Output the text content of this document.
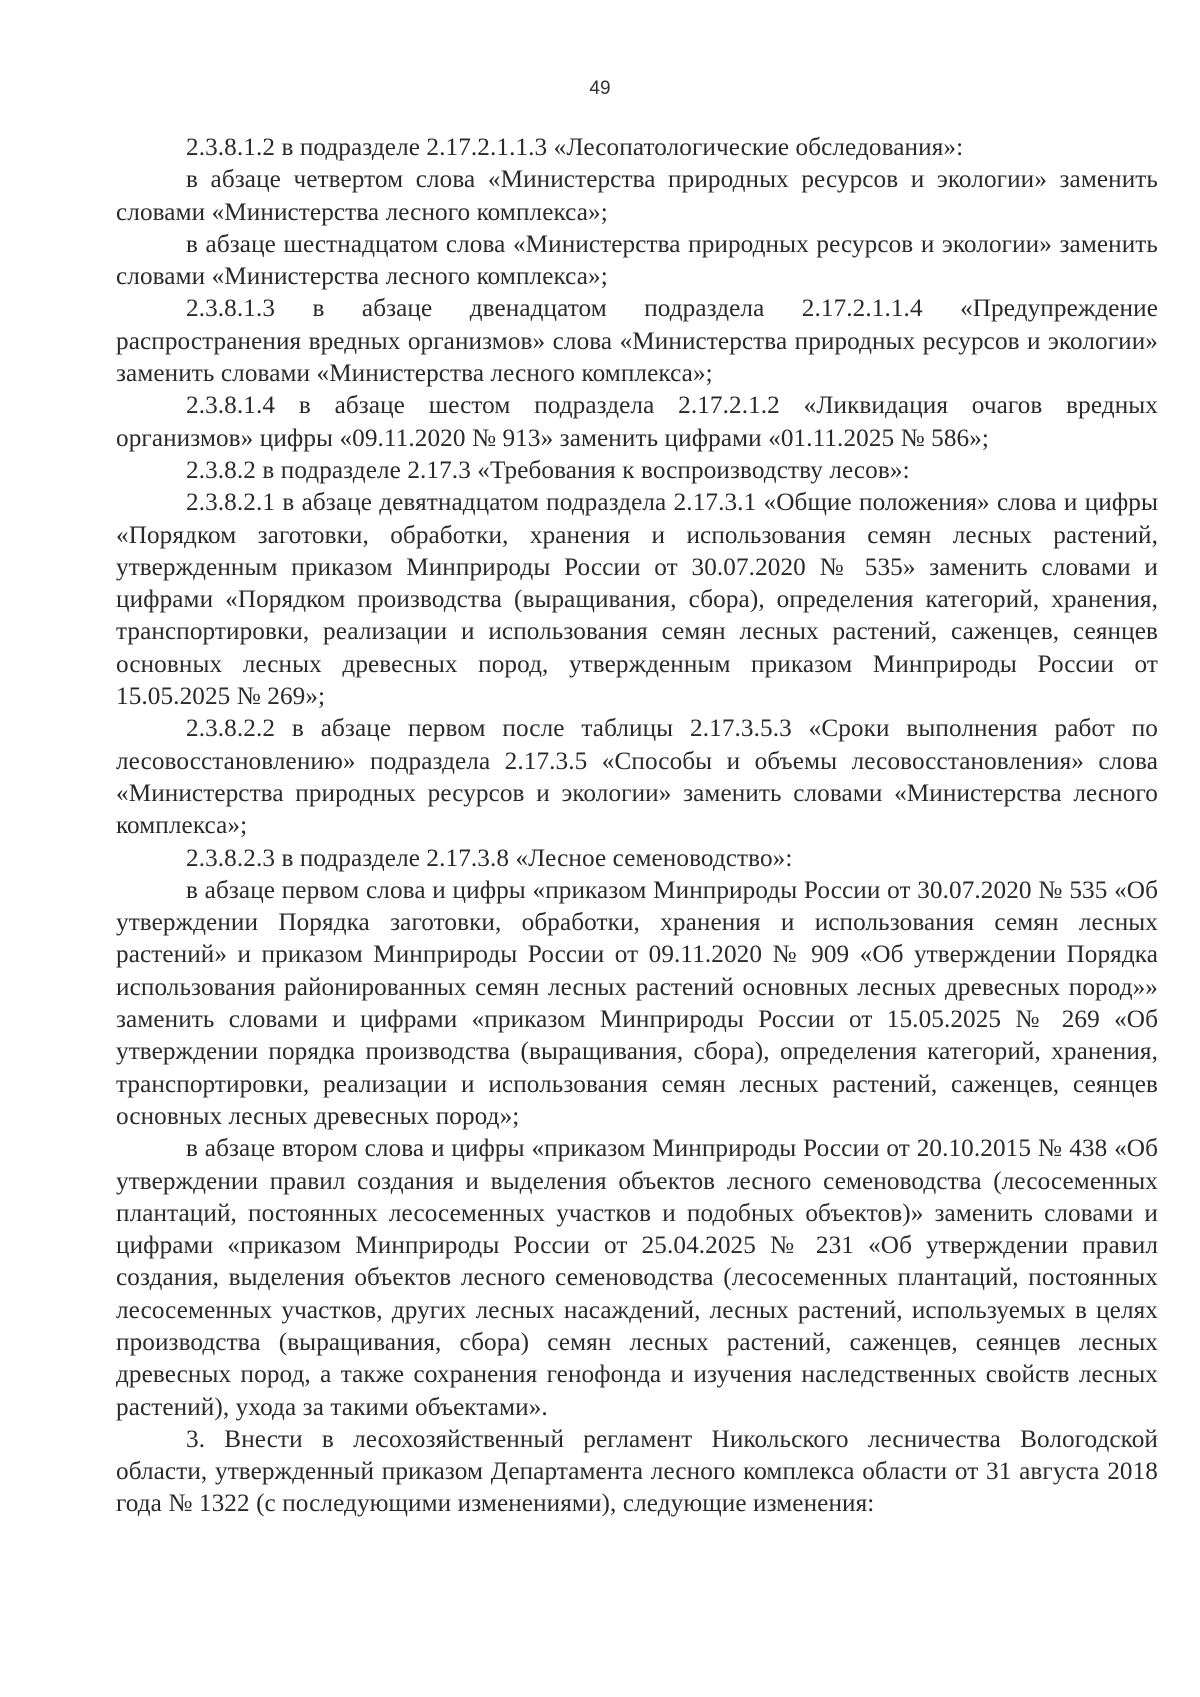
49

2.3.8.1.2 в подразделе 2.17.2.1.1.3 «Лесопатологические обследования»:

в абзаце четвертом слова «Министерства природных ресурсов и экологии» заменить словами «Министерства лесного комплекса»;

в абзаце шестнадцатом слова «Министерства природных ресурсов и экологии» заменить словами «Министерства лесного комплекса»;

2.3.8.1.3 в абзаце двенадцатом подраздела 2.17.2.1.1.4 «Предупреждение распространения вредных организмов» слова «Министерства природных ресурсов и экологии» заменить словами «Министерства лесного комплекса»;

2.3.8.1.4 в абзаце шестом подраздела 2.17.2.1.2 «Ликвидация очагов вредных организмов» цифры «09.11.2020 № 913» заменить цифрами «01.11.2025 № 586»;

2.3.8.2 в подразделе 2.17.3 «Требования к воспроизводству лесов»:

2.3.8.2.1 в абзаце девятнадцатом подраздела 2.17.3.1 «Общие положения» слова и цифры «Порядком заготовки, обработки, хранения и использования семян лесных растений, утвержденным приказом Минприроды России от 30.07.2020 № 535» заменить словами и цифрами «Порядком производства (выращивания, сбора), определения категорий, хранения, транспортировки, реализации и использования семян лесных растений, саженцев, сеянцев основных лесных древесных пород, утвержденным приказом Минприроды России от 15.05.2025 № 269»;

2.3.8.2.2 в абзаце первом после таблицы 2.17.3.5.3 «Сроки выполнения работ по лесовосстановлению» подраздела 2.17.3.5 «Способы и объемы лесовосстановления» слова «Министерства природных ресурсов и экологии» заменить словами «Министерства лесного комплекса»;

2.3.8.2.3 в подразделе 2.17.3.8 «Лесное семеноводство»:

в абзаце первом слова и цифры «приказом Минприроды России от 30.07.2020 № 535 «Об утверждении Порядка заготовки, обработки, хранения и использования семян лесных растений» и приказом Минприроды России от 09.11.2020 № 909 «Об утверждении Порядка использования районированных семян лесных растений основных лесных древесных пород»» заменить словами и цифрами «приказом Минприроды России от 15.05.2025 № 269 «Об утверждении порядка производства (выращивания, сбора), определения категорий, хранения, транспортировки, реализации и использования семян лесных растений, саженцев, сеянцев основных лесных древесных пород»;

в абзаце втором слова и цифры «приказом Минприроды России от 20.10.2015 № 438 «Об утверждении правил создания и выделения объектов лесного семеноводства (лесосеменных плантаций, постоянных лесосеменных участков и подобных объектов)» заменить словами и цифрами «приказом Минприроды России от 25.04.2025 № 231 «Об утверждении правил создания, выделения объектов лесного семеноводства (лесосеменных плантаций, постоянных лесосеменных участков, других лесных насаждений, лесных растений, используемых в целях производства (выращивания, сбора) семян лесных растений, саженцев, сеянцев лесных древесных пород, а также сохранения генофонда и изучения наследственных свойств лесных растений), ухода за такими объектами».

3. Внести в лесохозяйственный регламент Никольского лесничества Вологодской области, утвержденный приказом Департамента лесного комплекса области от 31 августа 2018 года № 1322 (с последующими изменениями), следующие изменения:
